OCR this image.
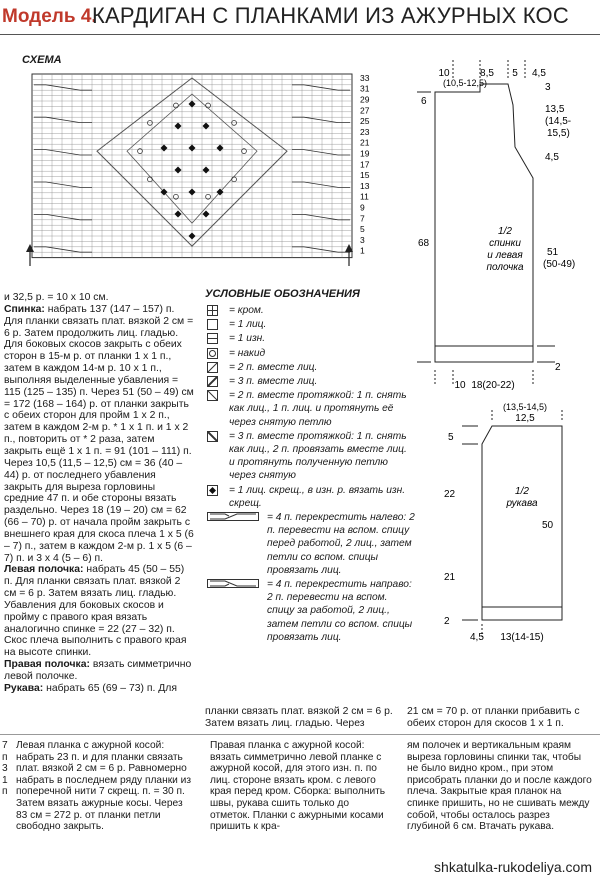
Модель 4.
КАРДИГАН С ПЛАНКАМИ ИЗ АЖУРНЫХ КОС
СХЕМА
33
31
29
27
25
23
21
19
17
15
13
11
9
7
5
3
1
и 32,5 р. = 10 х 10 см.
Спинка: набрать 137 (147 – 157) п. Для планки связать плат. вязкой 2 см = 6 р. Затем продолжить лиц. гладью. Для боковых скосов закрыть с обеих сторон в 15-м р. от планки 1 х 1 п., затем в каждом 14-м р. 10 х 1 п., выполняя выделенные убавления = 115 (125 – 135) п. Через 51 (50 – 49) см = 172 (168 – 164) р. от планки закрыть с обеих сторон для пройм 1 х 2 п., затем в каждом 2-м р. * 1 х 1 п. и 1 х 2 п., повторить от * 2 раза, затем закрыть ещё 1 х 1 п. = 91 (101 – 111) п. Через 10,5 (11,5 – 12,5) см = 36 (40 – 44) р. от последнего убавления закрыть для выреза горловины средние 47 п. и обе стороны вязать раздельно. Через 18 (19 – 20) см = 62 (66 – 70) р. от начала пройм закрыть с внешнего края для скоса плеча 1 х 5 (6 – 7) п., затем в каждом 2-м р. 1 х 5 (6 – 7) п. и 3 х 4 (5 – 6) п.
Левая полочка: набрать 45 (50 – 55) п. Для планки связать плат. вязкой 2 см = 6 р. Затем вязать лиц. гладью. Убавления для боковых скосов и пройму с правого края вязать аналогично спинке = 22 (27 – 32) п. Скос плеча выполнить с правого края на высоте спинки.
Правая полочка: вязать симметрично левой полочке.
Рукава: набрать 65 (69 – 73) п. Для
УСЛОВНЫЕ ОБОЗНАЧЕНИЯ
= кром.
= 1 лиц.
= 1 изн.
= накид
= 2 п. вместе лиц.
= 3 п. вместе лиц.
= 2 п. вместе протяжкой: 1 п. снять как лиц., 1 п. лиц. и протянуть её через снятую петлю
= 3 п. вместе протяжкой: 1 п. снять как лиц., 2 п. провязать вместе лиц. и протянуть полученную петлю через снятую
= 1 лиц. скрещ., в изн. р. вязать изн. скрещ.
= 4 п. перекрестить налево: 2 п. перевести на вспом. спицу перед работой, 2 лиц., затем петли со вспом. спицы провязать лиц.
= 4 п. перекрестить направо: 2 п. перевести на вспом. спицу за работой, 2 лиц., затем петли со вспом. спицы провязать лиц.
планки связать плат. вязкой 2 см = 6 р. Затем вязать лиц. гладью. Через
21 см = 70 р. от планки прибавить с обеих сторон для скосов 1 х 1 п.
(10,5-12,5)
10	8,5 5 4,5
3
13,5
(14,5-
15,5)
4,5
51
(50-49)
2
6
68
10 18(20-22)
1/2
спинки
и левая
полочка
(13,5-14,5)
12,5
5
22
21
2
50
4,5 13(14-15)
1/2
рукава
7
п
3
1
п
Левая планка с ажурной косой: набрать 23 п. и для планки связать плат. вязкой 2 см = 6 р. Равномерно набрать в последнем ряду планки из поперечной нити 7 скрещ. п. = 30 п. Затем вязать ажурные косы. Через 83 см = 272 р. от планки петли свободно закрыть.
Правая планка с ажурной косой: вязать симметрично левой планке с ажурной косой, для этого изн. п. по лиц. стороне вязать кром. с левого края перед кром. Сборка: выполнить швы, рукава сшить только до отметок. Планки с ажурными косами пришить к кра-
ям полочек и вертикальным краям выреза горловины спинки так, чтобы не было видно кром., при этом присобрать планки до и после каждого плеча. Закрытые края планок на спинке пришить, но не сшивать между собой, чтобы осталось разрез глубиной 6 см. Втачать рукава.
shkatulka-rukodeliya.com
